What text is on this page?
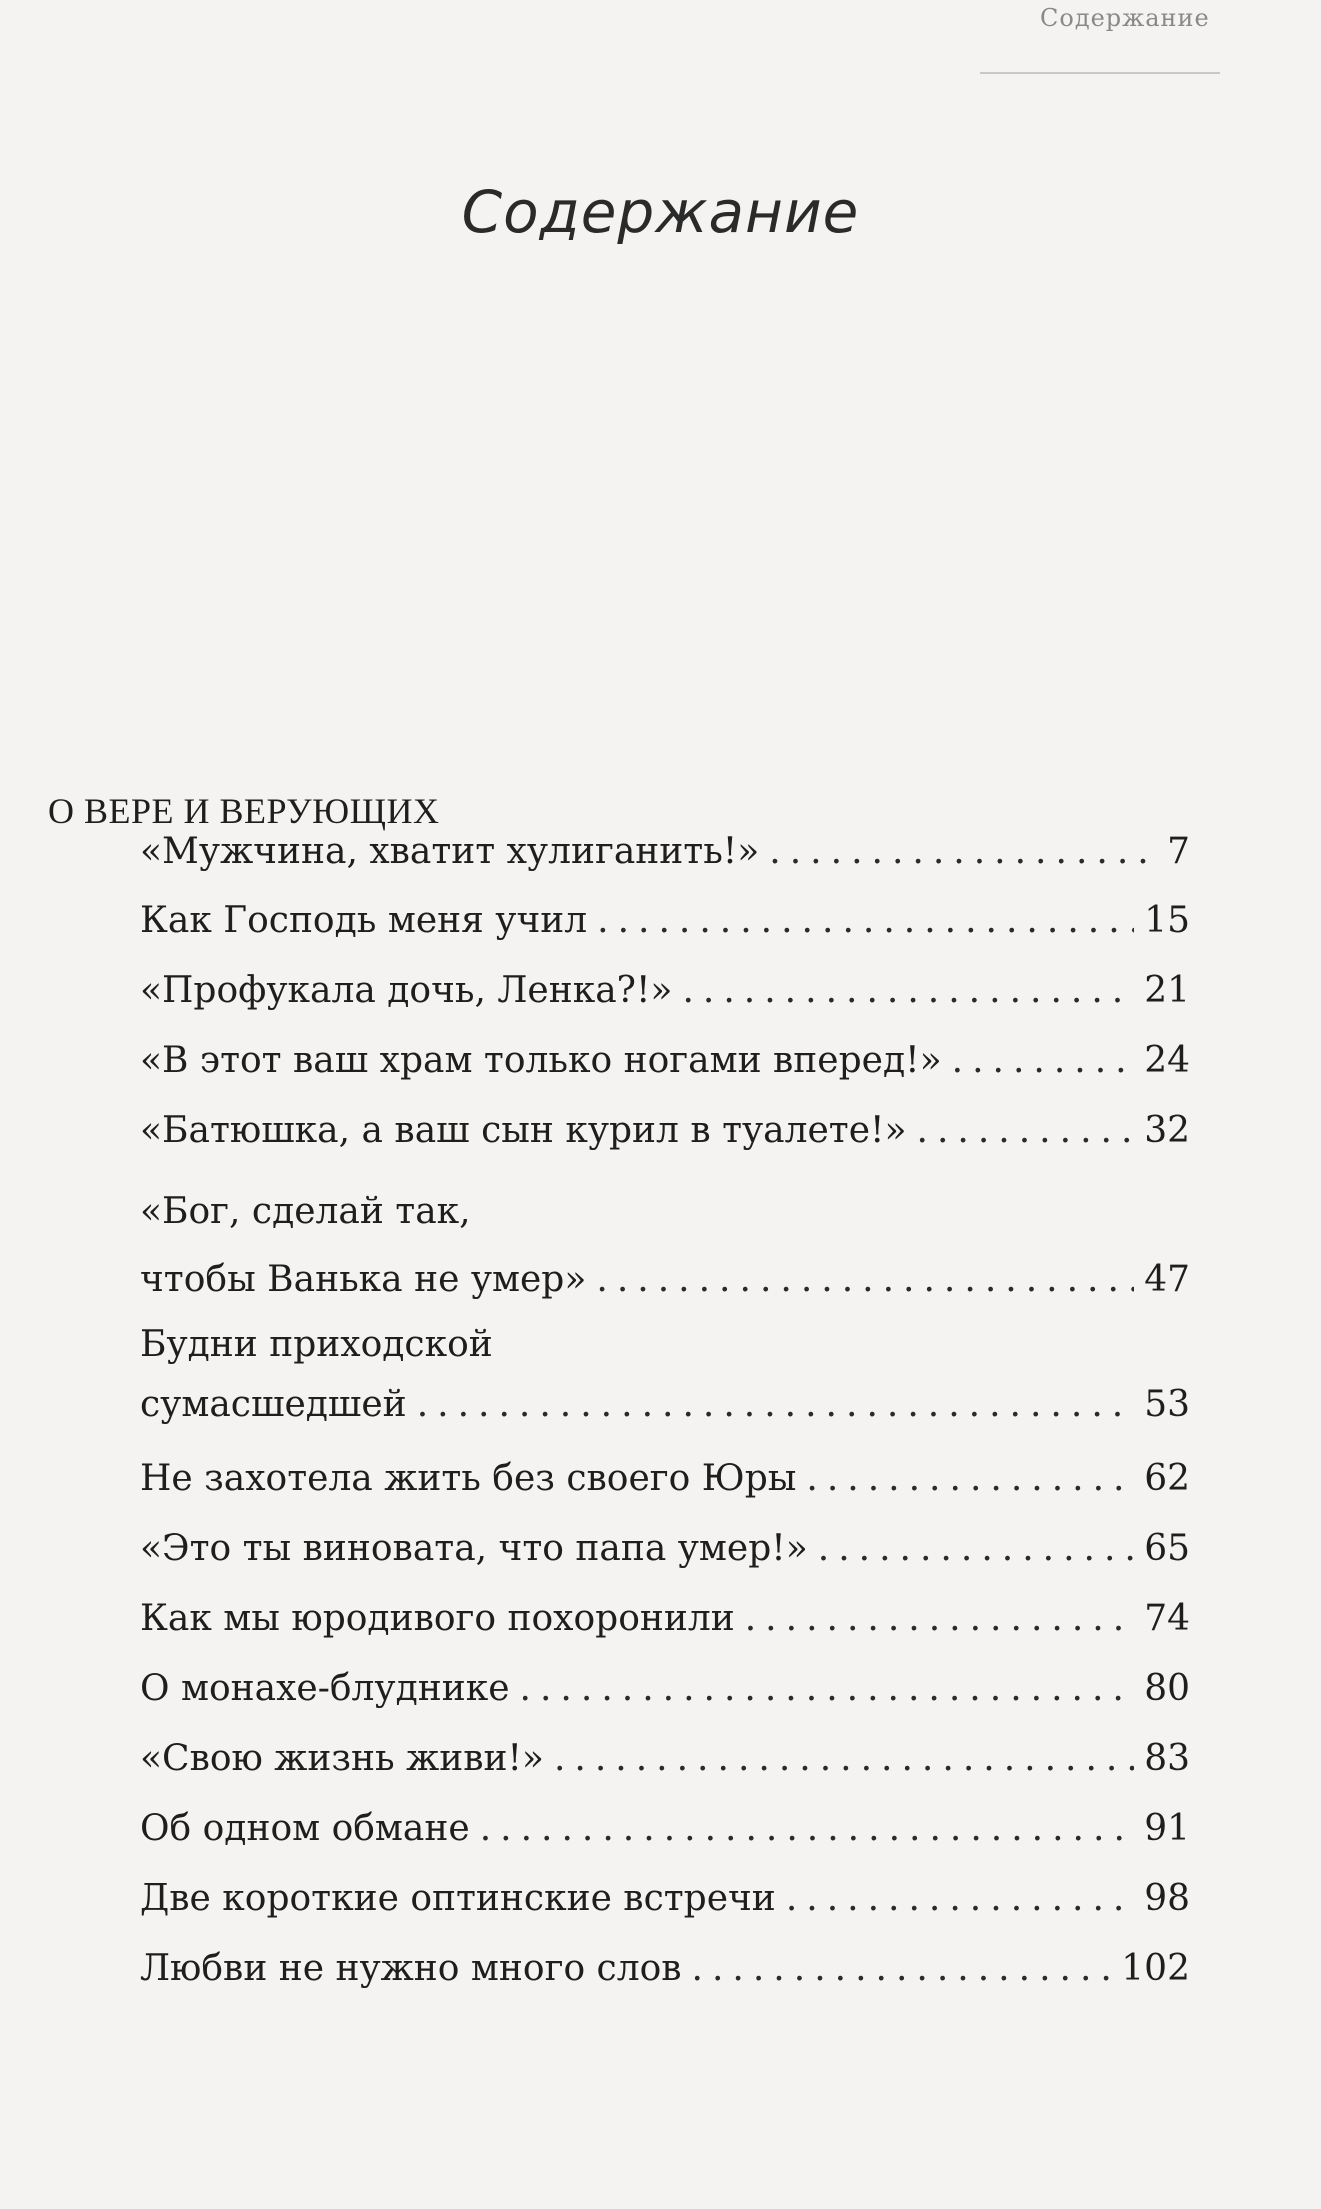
Содержание
Содержание
О ВЕРЕ И ВЕРУЮЩИХ
«Мужчина, хватит хулиганить!» .....	7
Как Господь меня учил .....	15
«Профукала дочь, Ленка?!» .....	21
«В этот ваш храм только ногами вперед!» .....	24
«Батюшка, а ваш сын курил в туалете!» .....	32
«Бог, сделай так,
чтобы Ванька не умер» .....	47
Будни приходской
сумасшедшей .....	53
Не захотела жить без своего Юры .....	62
«Это ты виновата, что папа умер!» .....	65
Как мы юродивого похоронили .....	74
О монахе-блуднике .....	80
«Свою жизнь живи!» .....	83
Об одном обмане .....	91
Две короткие оптинские встречи .....	98
Любви не нужно много слов .....	102
